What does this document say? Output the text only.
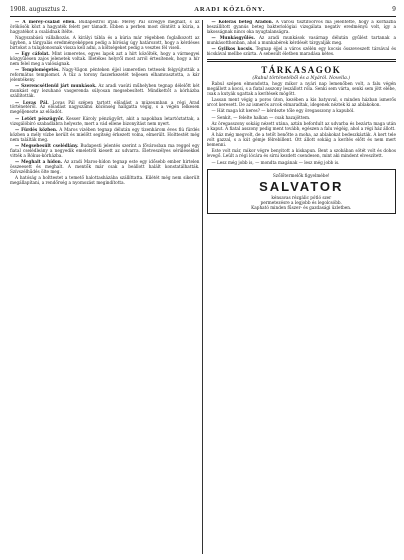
1908. augusztus 2.	ARADI KÖZLÖNY.	9

— A mérey-család ellen. Budapestről írják: Mérey Pál özvegye meghalt, s az örökösök közt a hagyaték felett per támadt. Ebben a perben most döntött a kúria, a hagyatékot a családnak ítélte.

Nagyszabású vállalkozás. A királyi tábla és a kúria már régebben foglalkozott az ügyben, a tárgyalás eredményeképpen pedig a bíróság úgy határozott, hogy a kérdéses birtokot a tulajdonosnak vissza kell adni, a költségeket pedig a vesztes fél viseli.

— Egy cáfolat. Mint ismeretes, egyes lapok azt a hírt közölték, hogy a vármegyei közgyűlésen zajos jelenetek voltak. Illetékes helyről most arról értesítenek, hogy a hír nem felel meg a valóságnak.

— Templomégetés. Nagy-Vágon pénteken éjjel ismeretlen tettesek felgyújtották a református templomot. A tűz a torony faszerkezetét teljesen elhamvasztotta, a kár jelentékeny.

— Szerencsétlenül járt munkások. Az aradi vasúti műhelyben tegnap délelőtt két munkást egy lezuhanó vasgerenda súlyosan megsebesített. Mindkettőt a kórházba szállították.

— Lovas Pál. Lovas Pál szépen tartott előadást a múzeumban a régi Arad történetéről. Az előadást nagyszámú közönség hallgatta végig, s a végén lelkesen megéljenezte az előadót.

— Letört pénzügyőr. Kesser Károly pénzügyőrt, akit a napokban letartóztattak, a vizsgálóbíró szabadlábra helyezte, mert a vád ellene bizonyítást nem nyert.

— Fürdés közben. A Maros vizében tegnap délután egy tizenhárom éves fiú fürdés közben a mély vízbe került és mielőtt segítség érkezett volna, elmerült. Holttestét még nem találták meg.

— Megsebesült cselédlány. Budapesti jelentés szerint a fővárosban ma reggel egy fiatal cselédleány a negyedik emeletről kiesett az udvarra. Életveszélyes sérülésekkel vitték a Rókus-kórházba.

— Meghalt a hídon. Az aradi Maros-hídon tegnap este egy idősebb ember hirtelen összeesett és meghalt. A mentők már csak a beállott halált konstatálhatták. Szívszélhűdés ölte meg.

A hatóság a holttestet a temető halottasházába szállíttatta. Kilétét még nem sikerült megállapítani, a rendőrség a nyomozást megindította.

— Kolerás beteg Aradon. A városi tisztifőorvos ma jelentette, hogy a kórházba beszállított gyanús beteg bakteriológiai vizsgálata negatív eredményű volt, így a lakosságnak nincs oka nyugtalanságra.

— Munkásgyűlés. Az aradi munkások vasárnap délután gyűlést tartanak a munkásotthonban, ahol a munkabérek kérdését tárgyalják meg.

— Gyilkos kocsis. Tegnap éjjel a város szélén egy kocsis összeveszett társával és bicskával mellbe szúrta. A sebesült életben maradása kétes.

TÁRKASAGOK
(Rabul történetéből és a Nyáról. Novella.)

Rabul szépen elmondotta, hogy mikor a nyári nap lemenőben volt, a falu végén megállott a kocsi, s a fiatal asszony leszállott róla. Senki sem várta, senki sem jött elébe, csak a kutyák ugattak a kerítések mögött.

Lassan ment végig a poros úton, kezében a kis batyuval, s minden házban ismerős arcot keresett. De az ismerős arcok elmaradtak, idegenek néztek ki az ablakokon.

— Hát maga kit keres? — kérdezte tőle egy öregasszony a kapuból.

— Senkit, — felelte halkan — csak hazajöttem.

Az öregasszony sokáig nézett utána, aztán befordult az udvarba és bezárta maga után a kaput. A fiatal asszony pedig ment tovább, egészen a falu végéig, ahol a régi ház állott.

A ház még megvolt, de a tetőt benőtte a moha, az ablakokat bedeszkázták. A kert tele volt gazzal, s a kút gémje félrebillent. Ott állott sokáig a kerítés előtt és nem mert bemenni.

Este volt már, mikor végre benyitott a kiskapun. Bent a szobában sötét volt és dohos levegő. Leült a régi lócára és sírni kezdett csendesen, mint aki mindent elveszített.

— Lesz még jobb is, — mondta magának — lesz még jobb is.

Szőlőtermelők figyelmébe!
SALVATOR
kénsavas rézgálic pótló szer
permetezésre a legjobb és legolcsóbb.
Kapható minden fűszer- és gazdasági üzletben.
